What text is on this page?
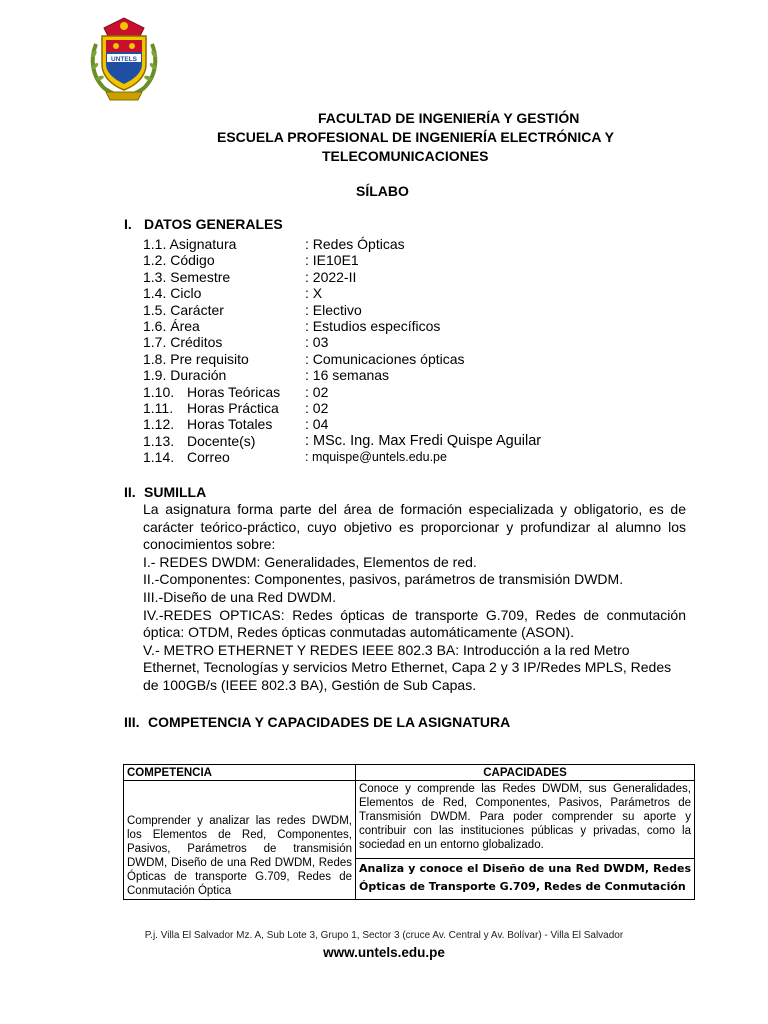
UNTELS
FACULTAD DE INGENIERÍA Y GESTIÓN
ESCUELA PROFESIONAL DE INGENIERÍA ELECTRÓNICA Y
TELECOMUNICACIONES
SÍLABO
I. DATOS GENERALES
1.1. Asignatura	: Redes Ópticas
1.2. Código	: IE10E1
1.3. Semestre	: 2022-II
1.4. Ciclo	: X
1.5. Carácter	: Electivo
1.6. Área	: Estudios específicos
1.7. Créditos	: 03
1.8. Pre requisito	: Comunicaciones ópticas
1.9. Duración	: 16 semanas
1.10. Horas Teóricas	: 02
1.11. Horas Práctica	: 02
1.12. Horas Totales	: 04
1.13. Docente(s)	: MSc. Ing. Max Fredi Quispe Aguilar
1.14. Correo	: mquispe@untels.edu.pe
II. SUMILLA

La asignatura forma parte del área de formación especializada y obligatorio, es de carácter teórico-práctico, cuyo objetivo es proporcionar y profundizar al alumno los conocimientos sobre:

I.- REDES DWDM: Generalidades, Elementos de red.

II.-Componentes: Componentes, pasivos, parámetros de transmisión DWDM.

III.-Diseño de una Red DWDM.

IV.-REDES OPTICAS: Redes ópticas de transporte G.709, Redes de conmutación óptica: OTDM, Redes ópticas conmutadas automáticamente (ASON).

V.- METRO ETHERNET Y REDES IEEE 802.3 BA: Introducción a la red Metro Ethernet, Tecnologías y servicios Metro Ethernet, Capa 2 y 3 IP/Redes MPLS, Redes de 100GB/s (IEEE 802.3 BA), Gestión de Sub Capas.

III. COMPETENCIA Y CAPACIDADES DE LA ASIGNATURA
COMPETENCIA	CAPACIDADES
Comprender y analizar las redes DWDM, los Elementos de Red, Componentes, Pasivos, Parámetros de transmisión DWDM, Diseño de una Red DWDM, Redes Ópticas de transporte G.709, Redes de Conmutación Óptica	Conoce y comprende las Redes DWDM, sus Generalidades, Elementos de Red, Componentes, Pasivos, Parámetros de Transmisión DWDM. Para poder comprender su aporte y contribuir con las instituciones públicas y privadas, como la sociedad en un entorno globalizado.
	Analiza y conoce el Diseño de una Red DWDM, Redes Ópticas de Transporte G.709, Redes de Conmutación
P.j. Villa El Salvador Mz. A, Sub Lote 3, Grupo 1, Sector 3 (cruce Av. Central y Av. Bolívar) - Villa El Salvador
www.untels.edu.pe
